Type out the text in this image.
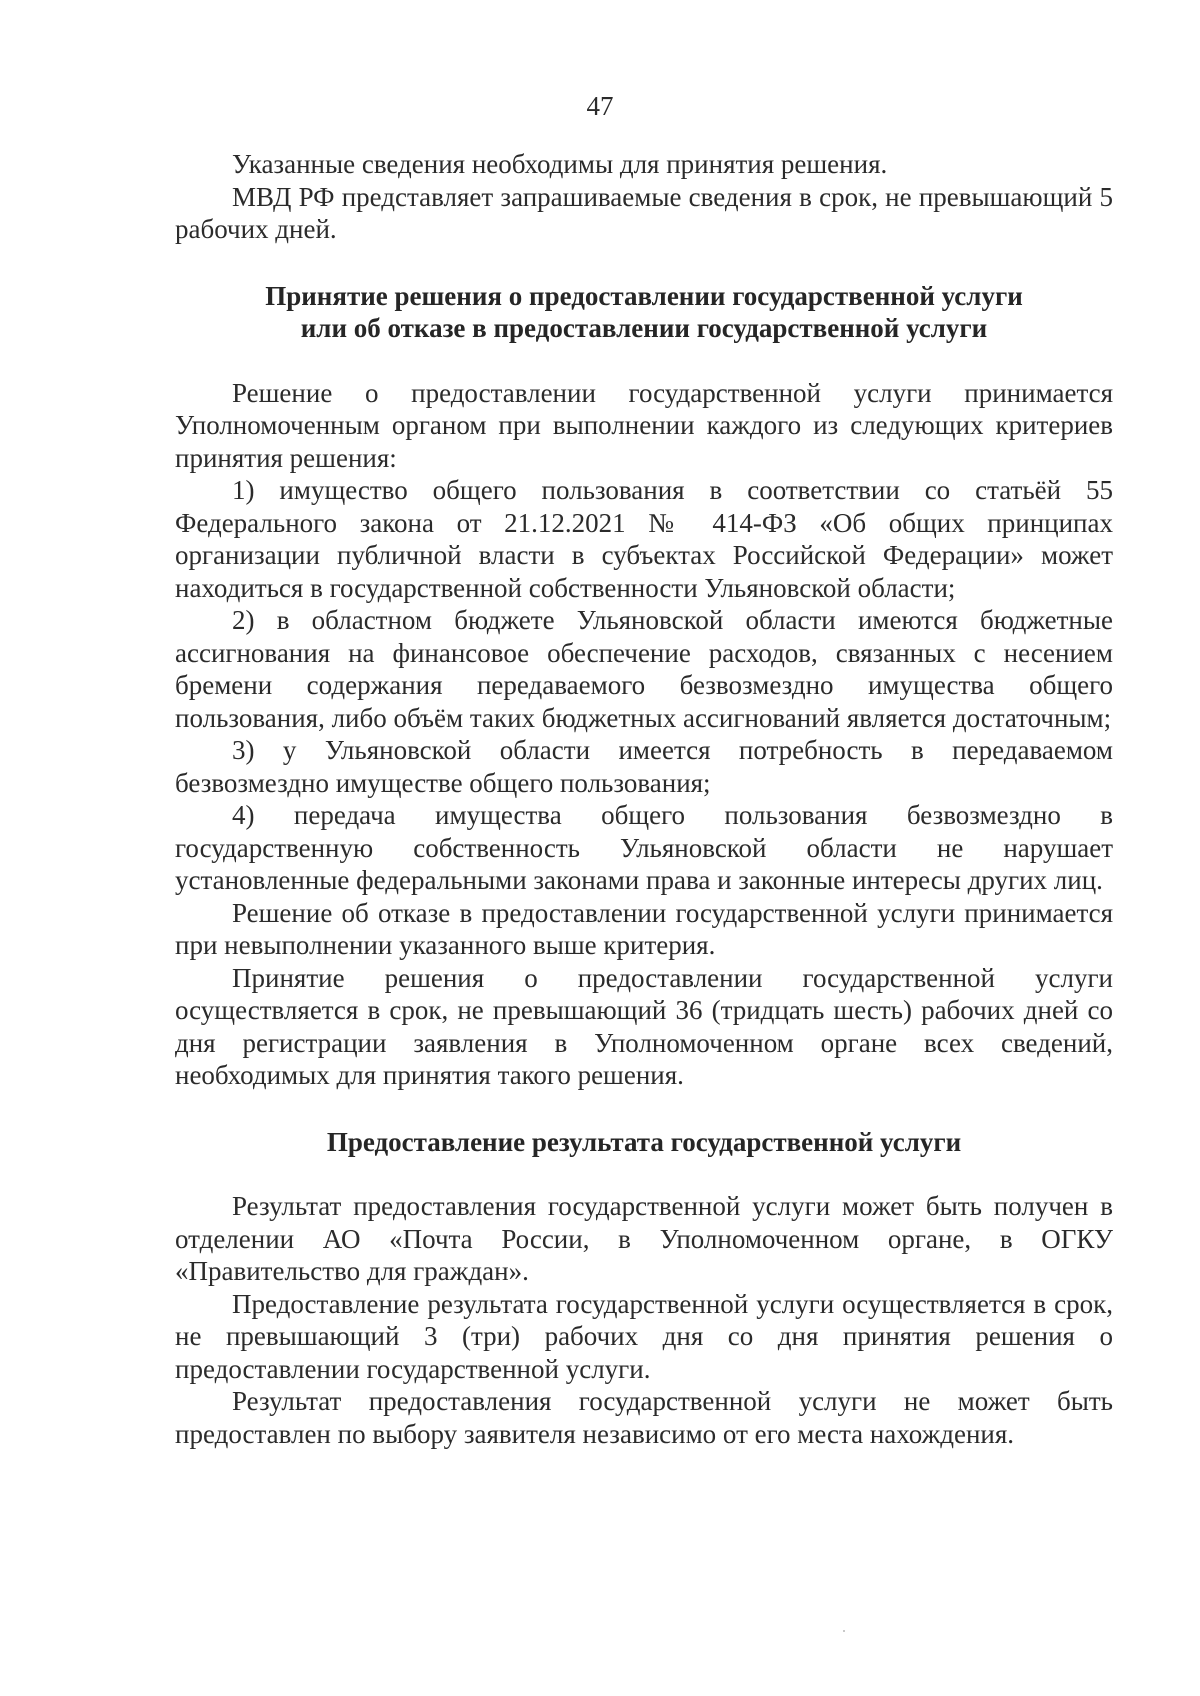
47

Указанные сведения необходимы для принятия решения.

МВД РФ представляет запрашиваемые сведения в срок, не превышающий 5 рабочих дней.

Принятие решения о предоставлении государственной услуги
или об отказе в предоставлении государственной услуги

Решение о предоставлении государственной услуги принимается Уполномоченным органом при выполнении каждого из следующих критериев принятия решения:

1) имущество общего пользования в соответствии со статьёй 55 Федерального закона от 21.12.2021 № 414-ФЗ «Об общих принципах организации публичной власти в субъектах Российской Федерации» может находиться в государственной собственности Ульяновской области;

2) в областном бюджете Ульяновской области имеются бюджетные ассигнования на финансовое обеспечение расходов, связанных с несением бремени содержания передаваемого безвозмездно имущества общего пользования, либо объём таких бюджетных ассигнований является достаточным;

3) у Ульяновской области имеется потребность в передаваемом безвозмездно имуществе общего пользования;

4) передача имущества общего пользования безвозмездно в государственную собственность Ульяновской области не нарушает установленные федеральными законами права и законные интересы других лиц.

Решение об отказе в предоставлении государственной услуги принимается при невыполнении указанного выше критерия.

Принятие решения о предоставлении государственной услуги осуществляется в срок, не превышающий 36 (тридцать шесть) рабочих дней со дня регистрации заявления в Уполномоченном органе всех сведений, необходимых для принятия такого решения.

Предоставление результата государственной услуги

Результат предоставления государственной услуги может быть получен в отделении АО «Почта России, в Уполномоченном органе, в ОГКУ «Правительство для граждан».

Предоставление результата государственной услуги осуществляется в срок, не превышающий 3 (три) рабочих дня со дня принятия решения о предоставлении государственной услуги.

Результат предоставления государственной услуги не может быть предоставлен по выбору заявителя независимо от его места нахождения.
